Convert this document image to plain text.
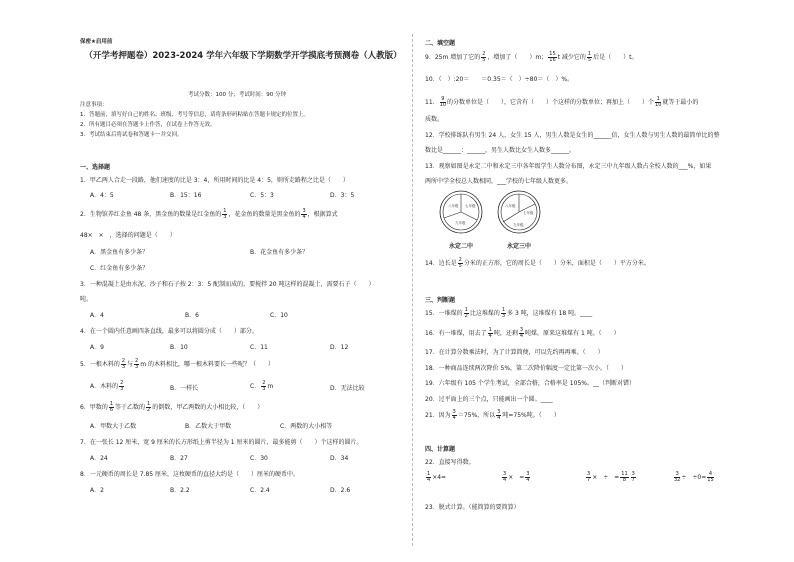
保密★启用前
（开学考押题卷）2023-2024 学年六年级下学期数学开学摸底考预测卷（人教版）
考试分数：100 分；考试时间：90 分钟
注意事项：
1．答题前，填写好自己的姓名、班级、考号等信息，请将条形码粘贴在答题卡规定的位置上。
2．所有题目必须在答题卡上作答，在试卷上作答无效。
3．考试结束后将试卷和答题卡一并交回。
一、选择题
1．甲乙两人合走一段路，他们速度的比是 3：4，所用时间的比是 4：5，则所走路程之比是（　　）
A．4：5	B．15：16	C．5：3	D．3：5
2．生物馆养红金鱼 48 条，黑金鱼的数量是红金鱼的 $\frac{1}{3}$ ，花金鱼的数量是黑金鱼的 $\frac{3}{4}$ ，根据算式
48×　×　，选择的问题是（　　）
A．黑金鱼有多少条？	B．花金鱼有多少条？
C．红金鱼有多少条？
3．一种混凝土是由水泥、沙子和石子按 2：3：5 配制而成的，要搅拌 20 吨这样的混凝土，需要石子（　　）
吨。
A．4	B．6	C．10
4．在一个圆内任意画四条直线，最多可以将圆分成（　　）部分。
A．9	B．10	C．11	D．12
5．一根木料的 $\frac{2}{3}$ 与 $\frac{2}{3}$ m 的木料相比，哪一根木料要长一些呢？（　　）
A．木料的 $\frac{2}{3}$	B．一样长	C． $\frac{2}{3}$ m	D．无法比较
6．甲数的 $\frac{1}{6}$ 等于乙数的 $\frac{1}{2}$ 的倒数，甲乙两数的大小相比较，（　　）
A．甲数大于乙数	B．乙数大于甲数	C．两数的大小相等
7．在一张长 12 厘米，宽 9 厘米的长方形纸上剪半径为 1 厘米的圆片，最多能剪（　　）个这样的圆片。
A．24	B．27	C．30	D．34
8．一元硬币的周长是 7.85 厘米，这枚硬币的直径大约是（　　）厘米的硬币中。
A．2	B．2.2	C．2.4	D．2.6
二、填空题
9．25m 增加了它的 $\frac{2}{5}$ ，增加了（　　）m； $\frac{15}{16}$ t 减少它的 $\frac{1}{5}$ 后是（　　）t。
10．（　）:20＝　　＝0.35＝（　）÷80＝（　）%。
11． $\frac{9}{10}$ 的分数单位是（　　），它含有（　　）个这样的分数单位；再加上（　　）个 $\frac{1}{10}$ 就等于最小的
质数。
12．学校排练队有男生 24 人，女生 15 人，男生人数是女生的______倍，女生人数与男生人数的最简单比的整
数比是______：______，男生人数比女生人数多______。
13．观察如图是永定二中和永定三中各年级学生人数分布图，永定三中九年级人数占全校人数的___%，如果
两所中学全校总人数相同，___学校的七年级人数更多。
八年级 七年级
九年级
八年级
七年级
九年级
永定二中	永定三中
14．边长是 $\frac{2}{5}$ 分米的正方形，它的周长是（　　）分米，面积是（　　）平方分米。
三、判断题
15．一堆煤的 $\frac{1}{2}$ 比这堆煤的 $\frac{1}{3}$ 多 3 吨，这堆煤有 18 吨。____
16．有一堆煤，用去了 $\frac{1}{4}$ 吨，还剩 $\frac{3}{4}$ 吨煤，原来这堆煤有 1 吨。（　　）
17．在计算分数乘法时，为了计算简便，可以先约再再乘。（　　）
18．一种商品连续两次降价 5%，第二次降价幅度一定比第一次小。（　　）
19．六年级有 105 个学生考试，全部合格，合格率是 105%。__（判断对错）
20．过平面上的三个点，只能画出一个圆。____
21．因为 $\frac{3}{4} =75\%$，所以 $\frac{3}{4}$ 吨=75%吨。（　　）
四、计算题
22．直接写得数。
$\frac{1}{4} \times 4=$	$\frac{3}{4}$ ×　= $\frac{3}{4}$	$\frac{3}{7}$ ×　÷　= $\frac{11}{8} \frac{3}{7}$	$\frac{3}{32}$ ÷　$\div 0= \frac{4}{15}$
23．脱式计算。（能简算的要简算）
